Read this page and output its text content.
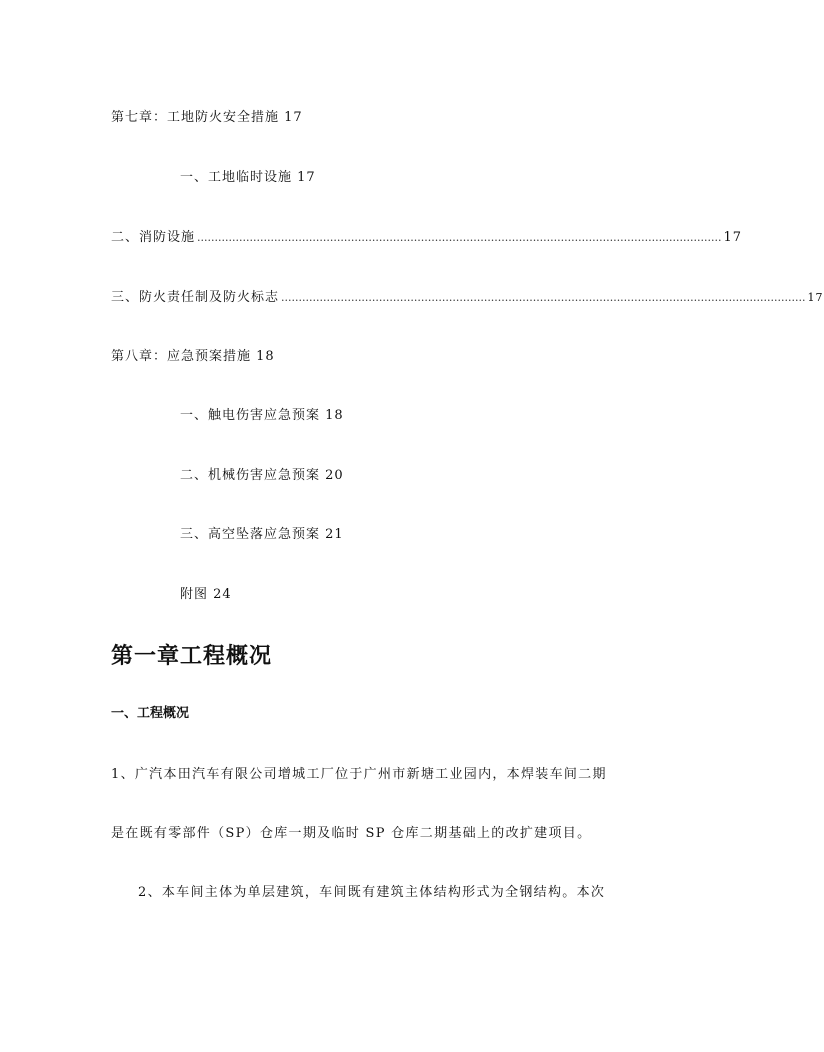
第七章：工地防火安全措施 17
一、工地临时设施 17
二、消防设施 ...................................................................................................................................................... 17
三、防火责任制及防火标志 ...................................................................................................................................................... 17
第八章：应急预案措施 18
一、触电伤害应急预案 18
二、机械伤害应急预案 20
三、高空坠落应急预案 21
附图 24
第一章工程概况
一、工程概况
1、广汽本田汽车有限公司增城工厂位于广州市新塘工业园内，本焊装车间二期
是在既有零部件（SP）仓库一期及临时 SP 仓库二期基础上的改扩建项目。
2、本车间主体为单层建筑，车间既有建筑主体结构形式为全钢结构。本次
